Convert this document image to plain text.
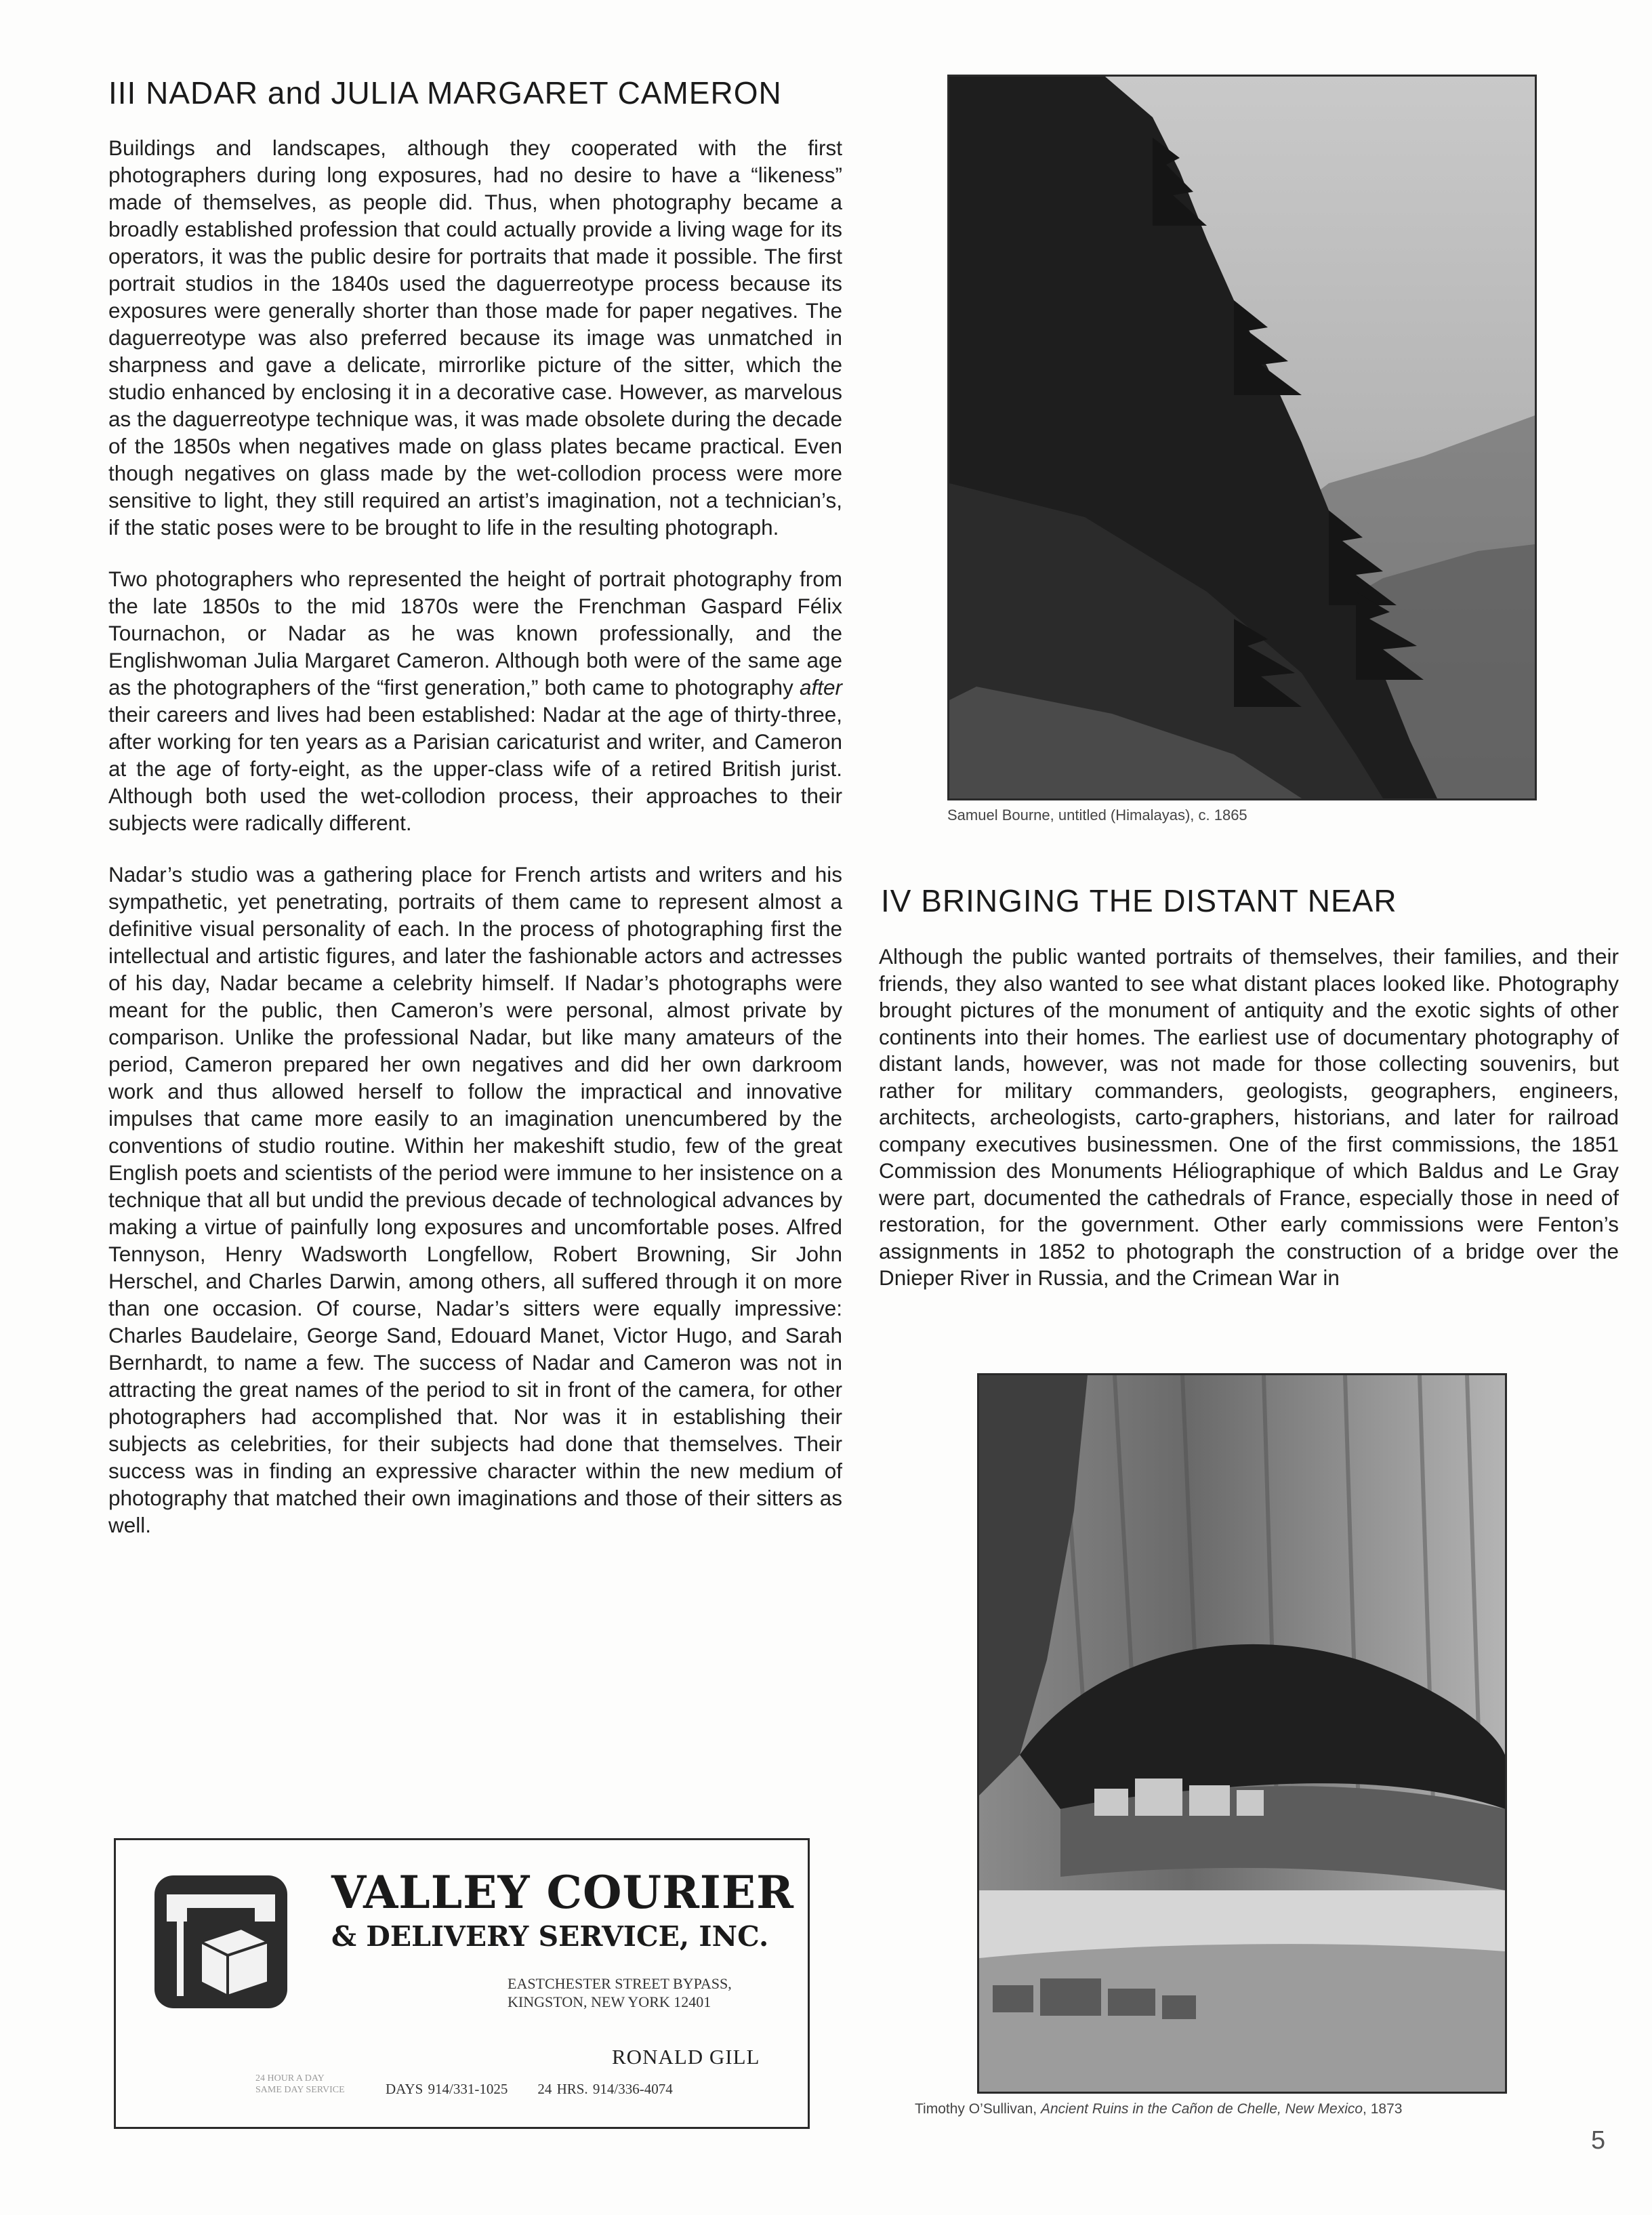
III NADAR and JULIA MARGARET CAMERON

Buildings and landscapes, although they cooperated with the first photographers during long exposures, had no desire to have a “likeness” made of themselves, as people did. Thus, when photography became a broadly established profession that could actually provide a living wage for its operators, it was the public desire for portraits that made it possible. The first portrait studios in the 1840s used the daguerreotype process because its exposures were generally shorter than those made for paper negatives. The daguerreotype was also preferred because its image was unmatched in sharpness and gave a delicate, mirrorlike picture of the sitter, which the studio enhanced by enclosing it in a decorative case. However, as marvelous as the daguerreotype technique was, it was made obsolete during the decade of the 1850s when negatives made on glass plates became practical. Even though negatives on glass made by the wet-collodion process were more sensitive to light, they still required an artist’s imagination, not a technician’s, if the static poses were to be brought to life in the resulting photograph.

Two photographers who represented the height of portrait photography from the late 1850s to the mid 1870s were the Frenchman Gaspard Félix Tournachon, or Nadar as he was known professionally, and the Englishwoman Julia Margaret Cameron. Although both were of the same age as the photographers of the “first generation,” both came to photography after their careers and lives had been established: Nadar at the age of thirty-three, after working for ten years as a Parisian caricaturist and writer, and Cameron at the age of forty-eight, as the upper-class wife of a retired British jurist. Although both used the wet-collodion process, their approaches to their subjects were radically different.

Nadar’s studio was a gathering place for French artists and writers and his sympathetic, yet penetrating, portraits of them came to represent almost a definitive visual personality of each. In the process of photographing first the intellectual and artistic figures, and later the fashionable actors and actresses of his day, Nadar became a celebrity himself. If Nadar’s photographs were meant for the public, then Cameron’s were personal, almost private by comparison. Unlike the professional Nadar, but like many amateurs of the period, Cameron prepared her own negatives and did her own darkroom work and thus allowed herself to follow the impractical and innovative impulses that came more easily to an imagination unencumbered by the conventions of studio routine. Within her makeshift studio, few of the great English poets and scientists of the period were immune to her insistence on a technique that all but undid the previous decade of technological advances by making a virtue of painfully long exposures and uncomfortable poses. Alfred Tennyson, Henry Wadsworth Longfellow, Robert Browning, Sir John Herschel, and Charles Darwin, among others, all suffered through it on more than one occasion. Of course, Nadar’s sitters were equally impressive: Charles Baudelaire, George Sand, Edouard Manet, Victor Hugo, and Sarah Bernhardt, to name a few. The success of Nadar and Cameron was not in attracting the great names of the period to sit in front of the camera, for other photographers had accomplished that. Nor was it in establishing their subjects as celebrities, for their subjects had done that themselves. Their success was in finding an expressive character within the new medium of photography that matched their own imaginations and those of their sitters as well.

Samuel Bourne, untitled (Himalayas), c. 1865
IV BRINGING THE DISTANT NEAR

Although the public wanted portraits of themselves, their families, and their friends, they also wanted to see what distant places looked like. Photography brought pictures of the monument of antiquity and the exotic sights of other continents into their homes. The earliest use of documentary photography of distant lands, however, was not made for those collecting souvenirs, but rather for military commanders, geologists, geographers, engineers, architects, archeologists, carto-graphers, historians, and later for railroad company executives businessmen. One of the first commissions, the 1851 Commission des Monuments Héliographique of which Baldus and Le Gray were part, documented the cathedrals of France, especially those in need of restoration, for the government. Other early commissions were Fenton’s assignments in 1852 to photograph the construction of a bridge over the Dnieper River in Russia, and the Crimean War in

Timothy O’Sullivan, Ancient Ruins in the Cañon de Chelle, New Mexico, 1873
VALLEY COURIER
& DELIVERY SERVICE, INC.
EASTCHESTER STREET BYPASS,
KINGSTON, NEW YORK 12401
RONALD GILL
24 HOUR A DAY
SAME DAY SERVICE	DAYS 914/331-1025 24 HRS. 914/336-4074
5
